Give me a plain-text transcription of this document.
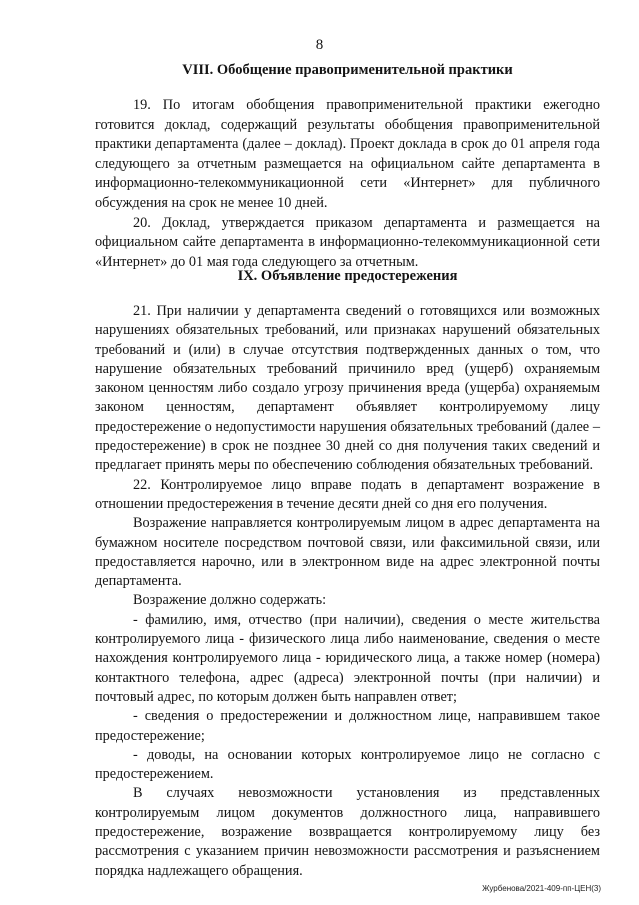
8
VIII. Обобщение правоприменительной практики

19. По итогам обобщения правоприменительной практики ежегодно готовится доклад, содержащий результаты обобщения правоприменительной практики департамента (далее – доклад). Проект доклада в срок до 01 апреля года следующего за отчетным размещается на официальном сайте департамента в информационно-телекоммуникационной сети «Интернет» для публичного обсуждения на срок не менее 10 дней.

20. Доклад, утверждается приказом департамента и размещается на официальном сайте департамента в информационно-телекоммуникационной сети «Интернет» до 01 мая года следующего за отчетным.

IX. Объявление предостережения

21. При наличии у департамента сведений о готовящихся или возможных нарушениях обязательных требований, или признаках нарушений обязательных требований и (или) в случае отсутствия подтвержденных данных о том, что нарушение обязательных требований причинило вред (ущерб) охраняемым законом ценностям либо создало угрозу причинения вреда (ущерба) охраняемым законом ценностям, департамент объявляет контролируемому лицу предостережение о недопустимости нарушения обязательных требований (далее – предостережение) в срок не позднее 30 дней со дня получения таких сведений и предлагает принять меры по обеспечению соблюдения обязательных требований.

22. Контролируемое лицо вправе подать в департамент возражение в отношении предостережения в течение десяти дней со дня его получения.

Возражение направляется контролируемым лицом в адрес департамента на бумажном носителе посредством почтовой связи, или факсимильной связи, или предоставляется нарочно, или в электронном виде на адрес электронной почты департамента.

Возражение должно содержать:

- фамилию, имя, отчество (при наличии), сведения о месте жительства контролируемого лица - физического лица либо наименование, сведения о месте нахождения контролируемого лица - юридического лица, а также номер (номера) контактного телефона, адрес (адреса) электронной почты (при наличии) и почтовый адрес, по которым должен быть направлен ответ;

- сведения о предостережении и должностном лице, направившем такое предостережение;

- доводы, на основании которых контролируемое лицо не согласно с предостережением.

В случаях невозможности установления из представленных контролируемым лицом документов должностного лица, направившего предостережение, возражение возвращается контролируемому лицу без рассмотрения с указанием причин невозможности рассмотрения и разъяснением порядка надлежащего обращения.

Журбенова/2021-409-пп-ЦЕН(3)
